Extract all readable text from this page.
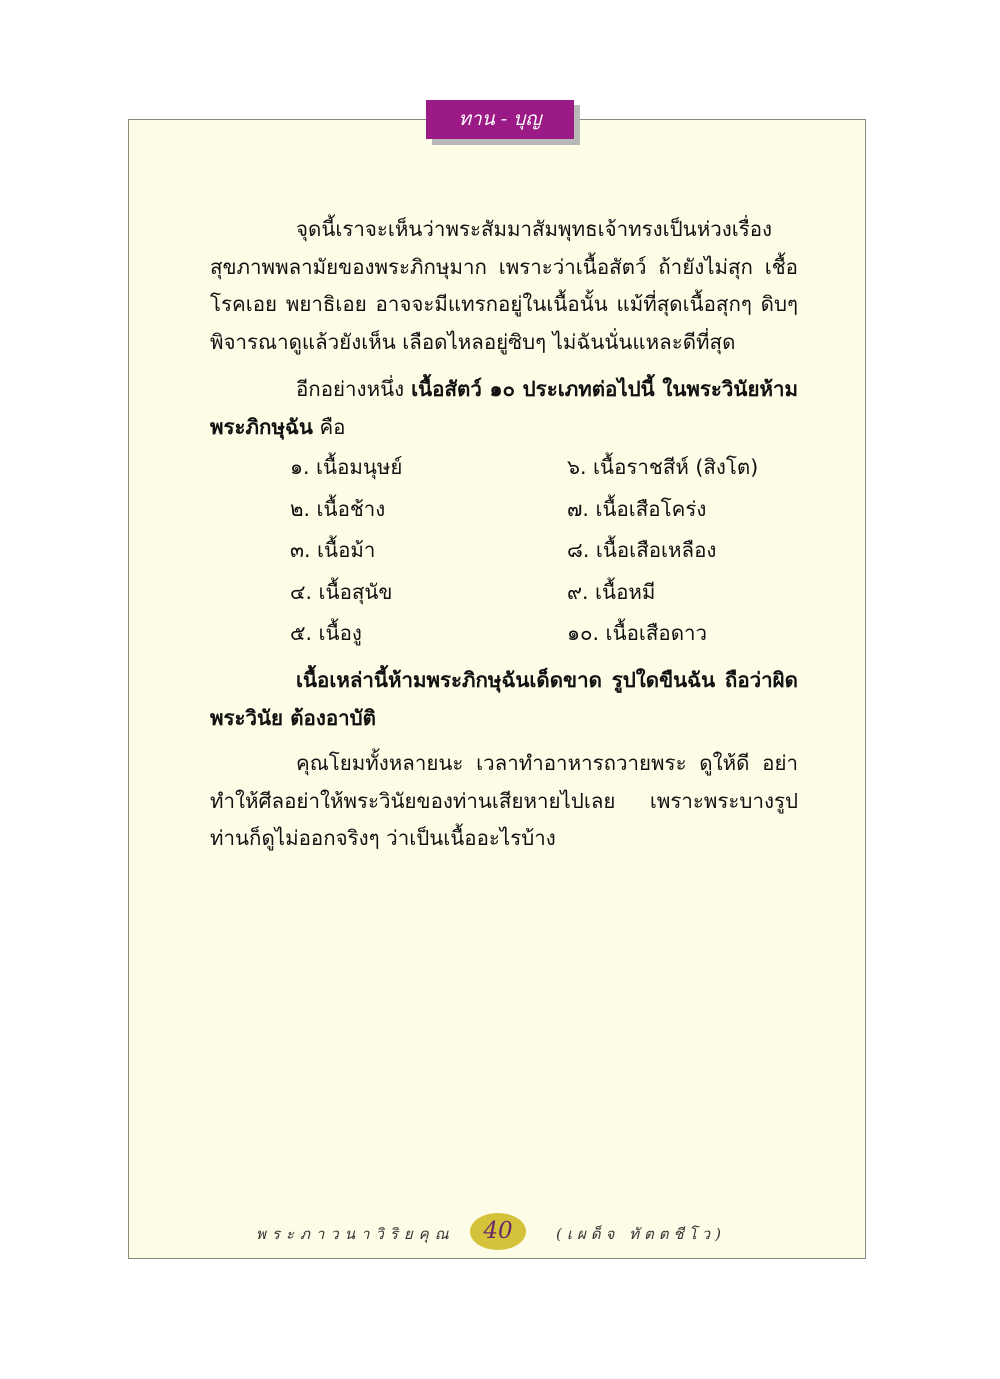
ทาน - บุญ

จุดนี้เราจะเห็นว่าพระสัมมาสัมพุทธเจ้าทรงเป็นห่วงเรื่องสุขภาพพลามัยของพระภิกษุมาก เพราะว่าเนื้อสัตว์ ถ้ายังไม่สุก เชื้อโรคเอย พยาธิเอย อาจจะมีแทรกอยู่ในเนื้อนั้น แม้ที่สุดเนื้อสุกๆ ดิบๆ พิจารณาดูแล้วยังเห็น เลือดไหลอยู่ซิบๆ ไม่ฉันนั่นแหละดีที่สุด

อีกอย่างหนึ่ง เนื้อสัตว์ ๑๐ ประเภทต่อไปนี้ ในพระวินัยห้ามพระภิกษุฉัน คือ

๑. เนื้อมนุษย์
๒. เนื้อช้าง
๓. เนื้อม้า
๔. เนื้อสุนัข
๕. เนื้องู
๖. เนื้อราชสีห์ (สิงโต)
๗. เนื้อเสือโคร่ง
๘. เนื้อเสือเหลือง
๙. เนื้อหมี
๑๐. เนื้อเสือดาว

เนื้อเหล่านี้ห้ามพระภิกษุฉันเด็ดขาด รูปใดขืนฉัน ถือว่าผิดพระวินัย ต้องอาบัติ

คุณโยมทั้งหลายนะ เวลาทำอาหารถวายพระ ดูให้ดี อย่าทำให้ศีลอย่าให้พระวินัยของท่านเสียหายไปเลย เพราะพระบางรูปท่านก็ดูไม่ออกจริงๆ ว่าเป็นเนื้ออะไรบ้าง

พระภาวนาวิริยคุณ	40	(เผด็จ ทัตตชีโว)
